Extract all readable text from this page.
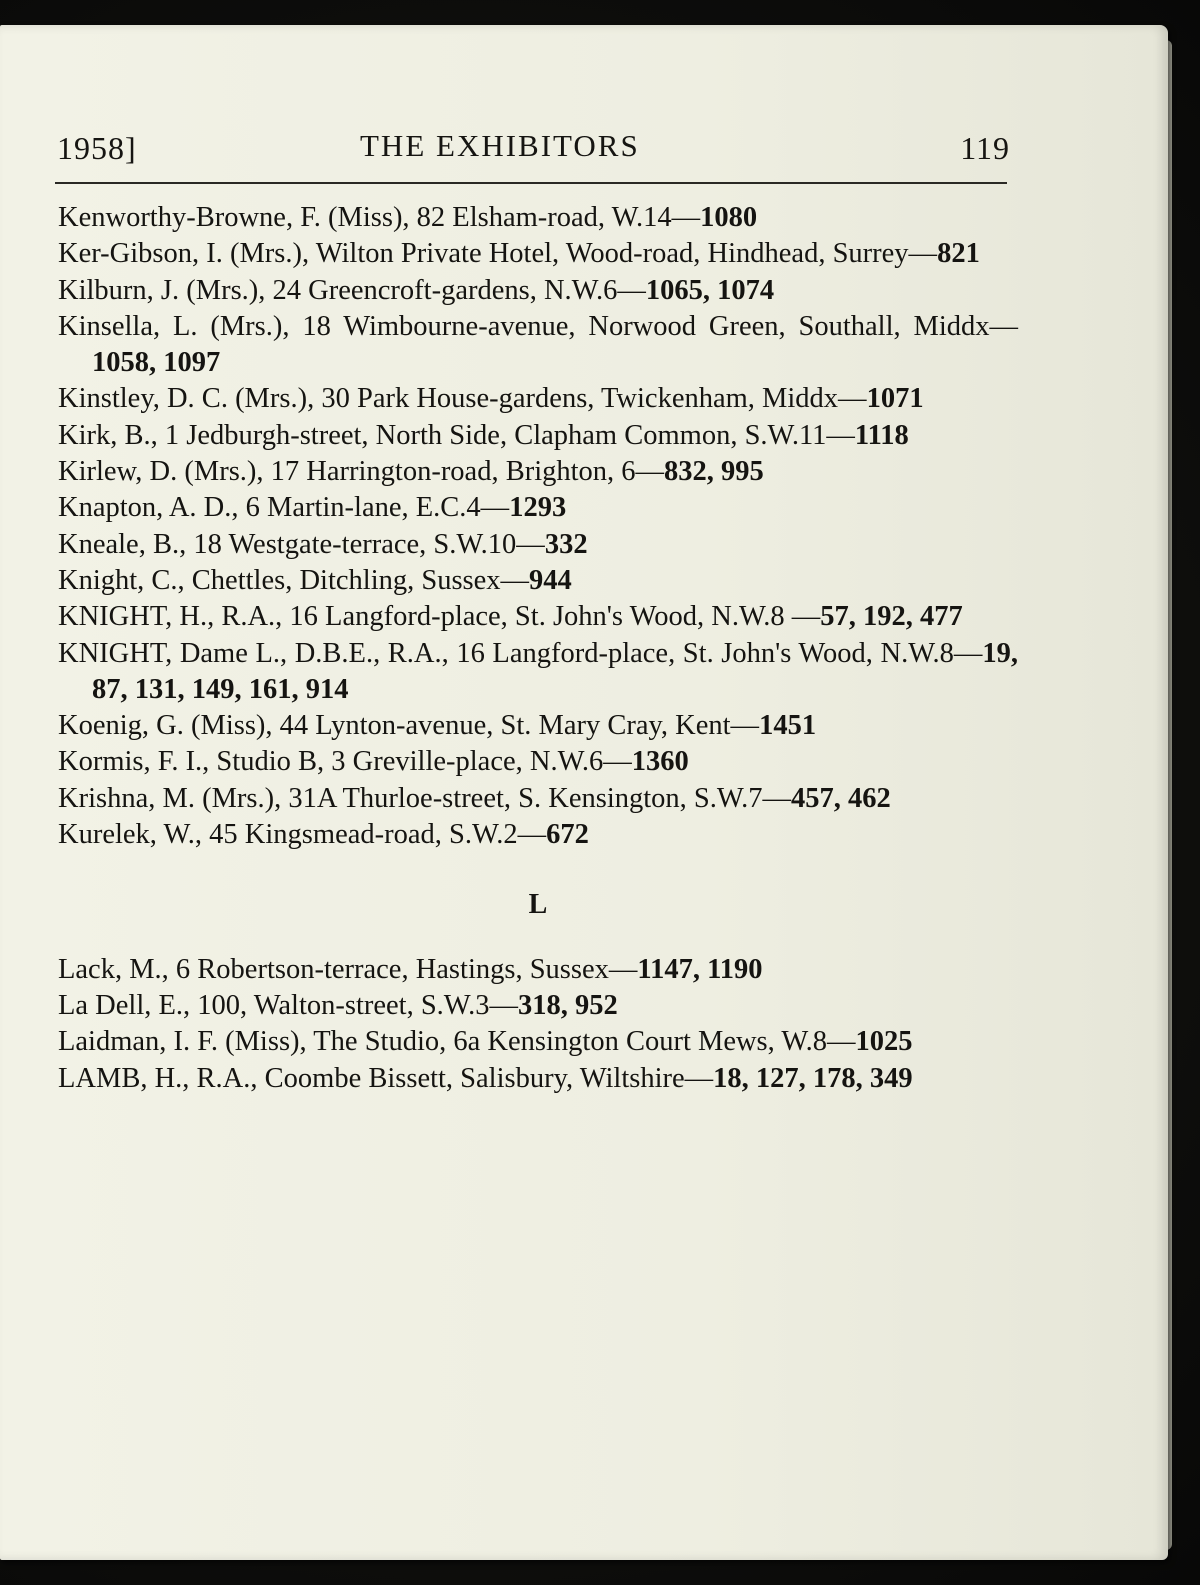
1958]	THE EXHIBITORS	119
Kenworthy-Browne, F. (Miss), 82 Elsham-road, W.14—1080
Ker-Gibson, I. (Mrs.), Wilton Private Hotel, Wood-road, Hindhead, Surrey—821
Kilburn, J. (Mrs.), 24 Greencroft-gardens, N.W.6—1065, 1074
Kinsella, L. (Mrs.), 18 Wimbourne-avenue, Norwood Green, Southall, Middx—1058, 1097
Kinstley, D. C. (Mrs.), 30 Park House-gardens, Twickenham, Middx—1071
Kirk, B., 1 Jedburgh-street, North Side, Clapham Common, S.W.11—1118
Kirlew, D. (Mrs.), 17 Harrington-road, Brighton, 6—832, 995
Knapton, A. D., 6 Martin-lane, E.C.4—1293
Kneale, B., 18 Westgate-terrace, S.W.10—332
Knight, C., Chettles, Ditchling, Sussex—944
KNIGHT, H., R.A., 16 Langford-place, St. John's Wood, N.W.8 —57, 192, 477
KNIGHT, Dame L., D.B.E., R.A., 16 Langford-place, St. John's Wood, N.W.8—19, 87, 131, 149, 161, 914
Koenig, G. (Miss), 44 Lynton-avenue, St. Mary Cray, Kent—1451
Kormis, F. I., Studio B, 3 Greville-place, N.W.6—1360
Krishna, M. (Mrs.), 31A Thurloe-street, S. Kensington, S.W.7—457, 462
Kurelek, W., 45 Kingsmead-road, S.W.2—672
L
Lack, M., 6 Robertson-terrace, Hastings, Sussex—1147, 1190
La Dell, E., 100, Walton-street, S.W.3—318, 952
Laidman, I. F. (Miss), The Studio, 6a Kensington Court Mews, W.8—1025
LAMB, H., R.A., Coombe Bissett, Salisbury, Wiltshire—18, 127, 178, 349
